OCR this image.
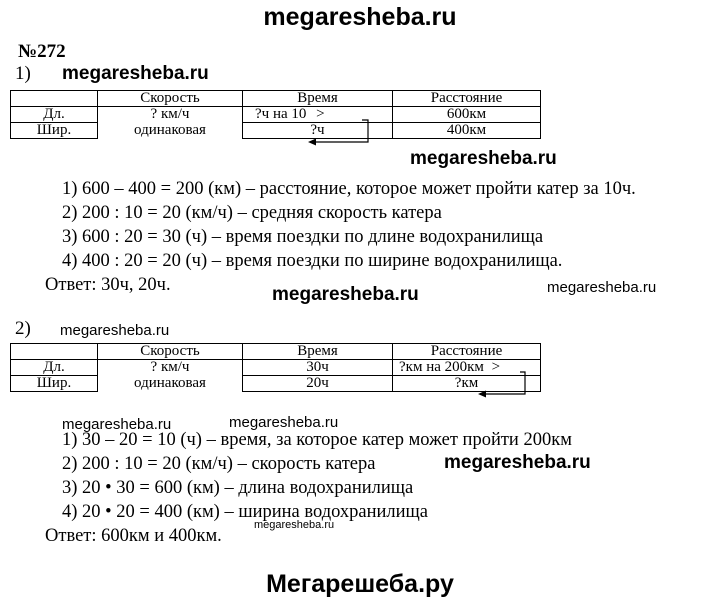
megaresheba.ru
№272
1) megaresheba.ru
	Скорость	Время	Расстояние
Дл.	? км/ч	?ч на 10 >	600км
Шир.	одинаковая	?ч	400км
megaresheba.ru
1) 600 – 400 = 200 (км) – расстояние, которое может пройти катер за 10ч.
2) 200 : 10 = 20 (км/ч) – средняя скорость катера
3) 600 : 20 = 30 (ч) – время поездки по длине водохранилища
4) 400 : 20 = 20 (ч) – время поездки по ширине водохранилища.
Ответ: 30ч, 20ч.	megaresheba.ru	megaresheba.ru
2) megaresheba.ru
	Скорость	Время	Расстояние
Дл.	? км/ч	30ч	?км на 200км >
Шир.	одинаковая	20ч	?км
megaresheba.ru	megaresheba.ru
1) 30 – 20 = 10 (ч) – время, за которое катер может пройти 200км
2) 200 : 10 = 20 (км/ч) – скорость катера	megaresheba.ru
3) 20 • 30 = 600 (км) – длина водохранилища
4) 20 • 20 = 400 (км) – ширина водохранилища
megaresheba.ru
Ответ: 600км и 400км.
Мегарешеба.ру
